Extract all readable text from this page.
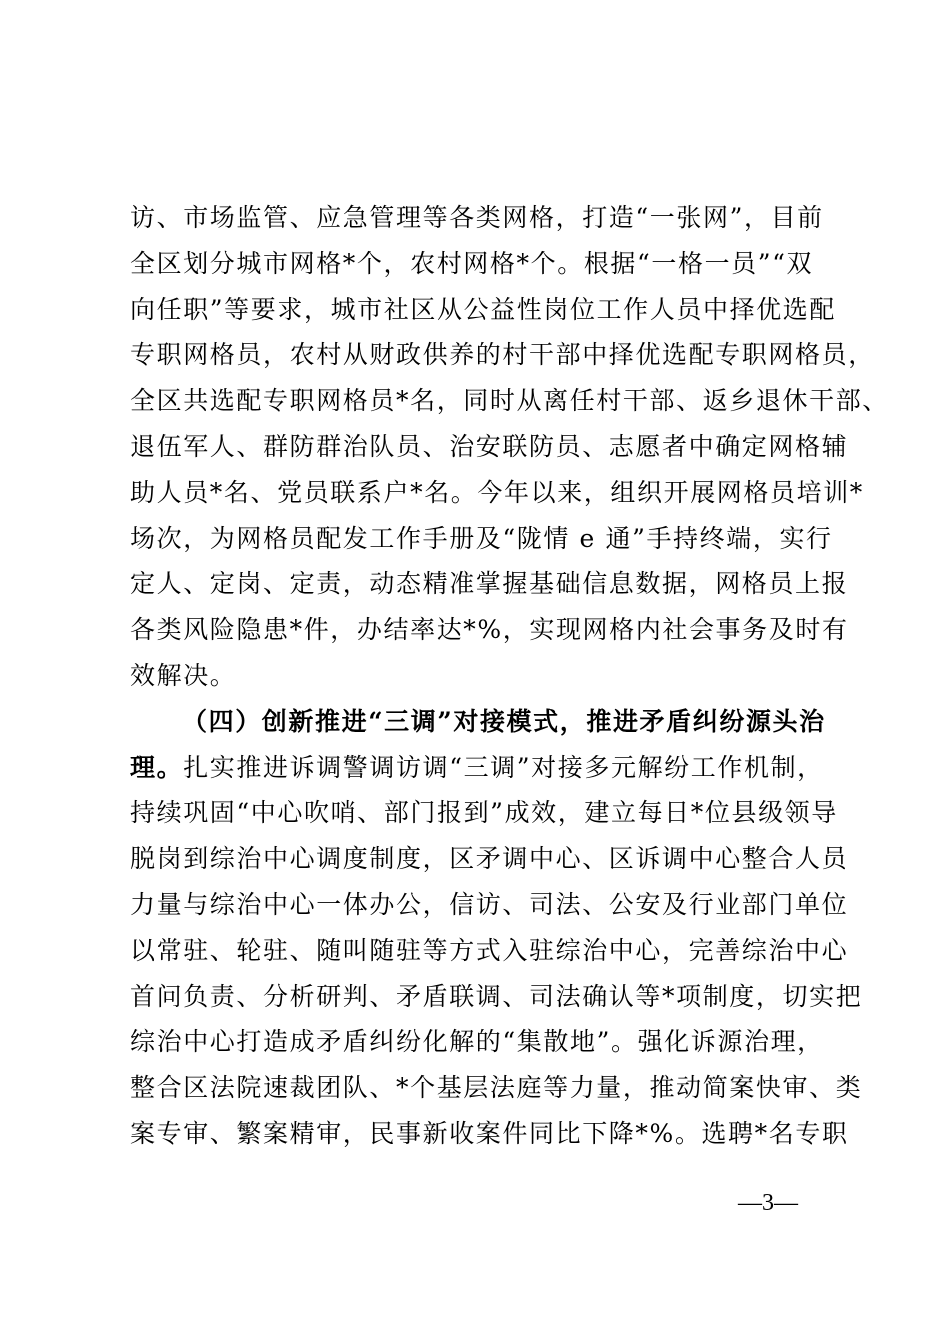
访、市场监管、应急管理等各类网格，打造“一张网”，目前
全区划分城市网格*个，农村网格*个。根据“一格一员”“双
向任职”等要求，城市社区从公益性岗位工作人员中择优选配
专职网格员，农村从财政供养的村干部中择优选配专职网格员，
全区共选配专职网格员*名，同时从离任村干部、返乡退休干部、
退伍军人、群防群治队员、治安联防员、志愿者中确定网格辅
助人员*名、党员联系户*名。今年以来，组织开展网格员培训*
场次，为网格员配发工作手册及“陇情 e 通”手持终端，实行
定人、定岗、定责，动态精准掌握基础信息数据，网格员上报
各类风险隐患*件，办结率达*%，实现网格内社会事务及时有
效解决。
（四）创新推进“三调”对接模式，推进矛盾纠纷源头治
理。扎实推进诉调警调访调“三调”对接多元解纷工作机制，
持续巩固“中心吹哨、部门报到”成效，建立每日*位县级领导
脱岗到综治中心调度制度，区矛调中心、区诉调中心整合人员
力量与综治中心一体办公，信访、司法、公安及行业部门单位
以常驻、轮驻、随叫随驻等方式入驻综治中心，完善综治中心
首问负责、分析研判、矛盾联调、司法确认等*项制度，切实把
综治中心打造成矛盾纠纷化解的“集散地”。强化诉源治理，
整合区法院速裁团队、*个基层法庭等力量，推动简案快审、类
案专审、繁案精审，民事新收案件同比下降*%。选聘*名专职
—3—
